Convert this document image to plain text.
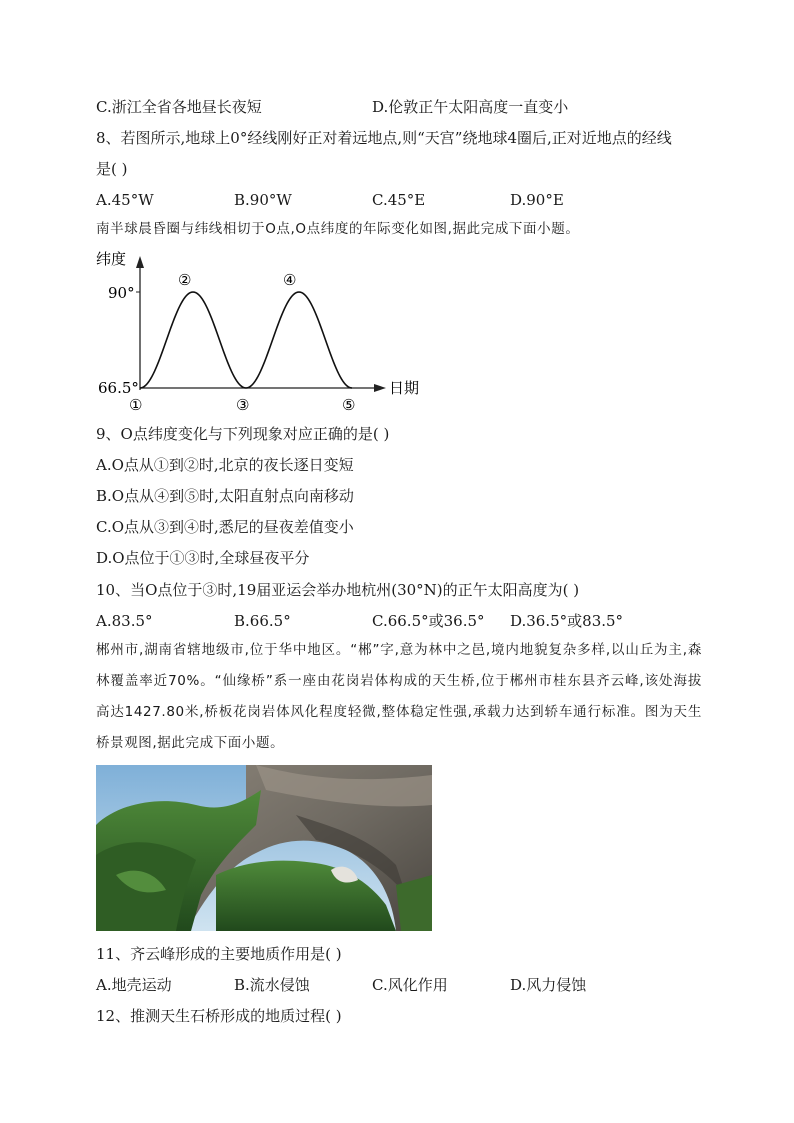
C.浙江全省各地昼长夜短	D.伦敦正午太阳高度一直变小
8、若图所示,地球上0°经线刚好正对着远地点,则“天宫”绕地球4圈后,正对近地点的经线
是( )
A.45°W	B.90°W	C.45°E	D.90°E
南半球晨昏圈与纬线相切于O点,O点纬度的年际变化如图,据此完成下面小题。
纬度
日期
90°
66.5°
①	③	⑤
②	④
9、O点纬度变化与下列现象对应正确的是( )
A.O点从①到②时,北京的夜长逐日变短
B.O点从④到⑤时,太阳直射点向南移动
C.O点从③到④时,悉尼的昼夜差值变小
D.O点位于①③时,全球昼夜平分
10、当O点位于③时,19届亚运会举办地杭州(30°N)的正午太阳高度为( )
A.83.5°	B.66.5°	C.66.5°或36.5° D.36.5°或83.5°
郴州市,湖南省辖地级市,位于华中地区。“郴”字,意为林中之邑,境内地貌复杂多样,以山丘为主,森林覆盖率近70%。“仙缘桥”系一座由花岗岩体构成的天生桥,位于郴州市桂东县齐云峰,该处海拔高达1427.80米,桥板花岗岩体风化程度轻微,整体稳定性强,承载力达到轿车通行标准。图为天生桥景观图,据此完成下面小题。
11、齐云峰形成的主要地质作用是( )
A.地壳运动	B.流水侵蚀	C.风化作用	D.风力侵蚀
12、推测天生石桥形成的地质过程( )
